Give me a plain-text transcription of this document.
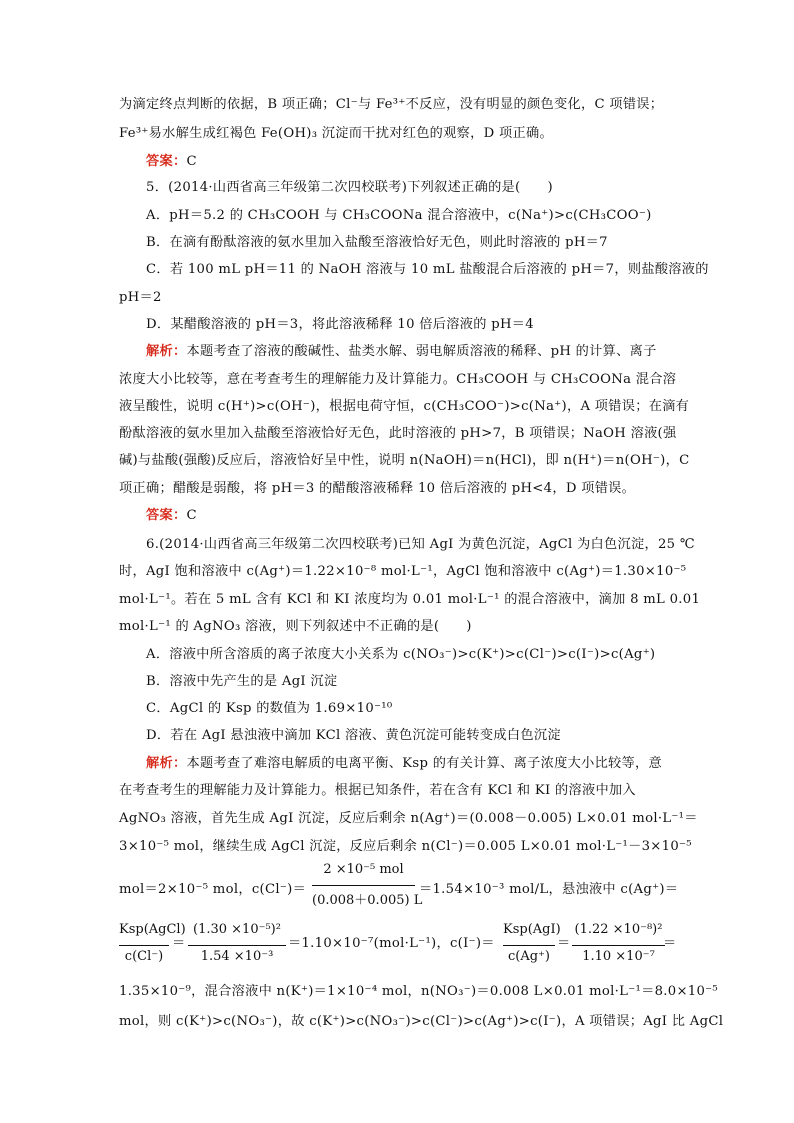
为滴定终点判断的依据，B 项正确；Cl⁻与 Fe³⁺不反应，没有明显的颜色变化，C 项错误；
Fe³⁺易水解生成红褐色 Fe(OH)₃ 沉淀而干扰对红色的观察，D 项正确。
答案：C
5．(2014·山西省高三年级第二次四校联考)下列叙述正确的是(　　)
A．pH＝5.2 的 CH₃COOH 与 CH₃COONa 混合溶液中，c(Na⁺)>c(CH₃COO⁻)
B．在滴有酚酞溶液的氨水里加入盐酸至溶液恰好无色，则此时溶液的 pH＝7
C．若 100 mL pH＝11 的 NaOH 溶液与 10 mL 盐酸混合后溶液的 pH＝7，则盐酸溶液的
pH＝2
D．某醋酸溶液的 pH＝3，将此溶液稀释 10 倍后溶液的 pH＝4
解析：本题考查了溶液的酸碱性、盐类水解、弱电解质溶液的稀释、pH 的计算、离子
浓度大小比较等，意在考查考生的理解能力及计算能力。CH₃COOH 与 CH₃COONa 混合溶
液呈酸性，说明 c(H⁺)>c(OH⁻)，根据电荷守恒，c(CH₃COO⁻)>c(Na⁺)，A 项错误；在滴有
酚酞溶液的氨水里加入盐酸至溶液恰好无色，此时溶液的 pH>7，B 项错误；NaOH 溶液(强
碱)与盐酸(强酸)反应后，溶液恰好呈中性，说明 n(NaOH)＝n(HCl)，即 n(H⁺)＝n(OH⁻)，C
项正确；醋酸是弱酸，将 pH＝3 的醋酸溶液稀释 10 倍后溶液的 pH<4，D 项错误。
答案：C
6.(2014·山西省高三年级第二次四校联考)已知 AgI 为黄色沉淀，AgCl 为白色沉淀，25 ℃
时，AgI 饱和溶液中 c(Ag⁺)＝1.22×10⁻⁸ mol·L⁻¹，AgCl 饱和溶液中 c(Ag⁺)＝1.30×10⁻⁵
mol·L⁻¹。若在 5 mL 含有 KCl 和 KI 浓度均为 0.01 mol·L⁻¹ 的混合溶液中，滴加 8 mL 0.01
mol·L⁻¹ 的 AgNO₃ 溶液，则下列叙述中不正确的是(　　)
A．溶液中所含溶质的离子浓度大小关系为 c(NO₃⁻)>c(K⁺)>c(Cl⁻)>c(I⁻)>c(Ag⁺)
B．溶液中先产生的是 AgI 沉淀
C．AgCl 的 Ksp 的数值为 1.69×10⁻¹⁰
D．若在 AgI 悬浊液中滴加 KCl 溶液、黄色沉淀可能转变成白色沉淀
解析：本题考查了难溶电解质的电离平衡、Ksp 的有关计算、离子浓度大小比较等，意
在考查考生的理解能力及计算能力。根据已知条件，若在含有 KCl 和 KI 的溶液中加入
AgNO₃ 溶液，首先生成 AgI 沉淀，反应后剩余 n(Ag⁺)＝(0.008－0.005) L×0.01 mol·L⁻¹＝
3×10⁻⁵ mol，继续生成 AgCl 沉淀，反应后剩余 n(Cl⁻)＝0.005 L×0.01 mol·L⁻¹－3×10⁻⁵
mol＝2×10⁻⁵ mol，c(Cl⁻)＝
2 ×10⁻⁵ mol
(0.008＋0.005) L
＝1.54×10⁻³ mol/L，悬浊液中 c(Ag⁺)＝
Ksp(AgCl)
c(Cl⁻)
＝
(1.30 ×10⁻⁵)²
1.54 ×10⁻³
＝1.10×10⁻⁷(mol·L⁻¹)，c(I⁻)＝
Ksp(AgI)
c(Ag⁺)
＝
(1.22 ×10⁻⁸)²
1.10 ×10⁻⁷
＝
1.35×10⁻⁹，混合溶液中 n(K⁺)＝1×10⁻⁴ mol，n(NO₃⁻)＝0.008 L×0.01 mol·L⁻¹＝8.0×10⁻⁵
mol，则 c(K⁺)>c(NO₃⁻)，故 c(K⁺)>c(NO₃⁻)>c(Cl⁻)>c(Ag⁺)>c(I⁻)，A 项错误；AgI 比 AgCl
